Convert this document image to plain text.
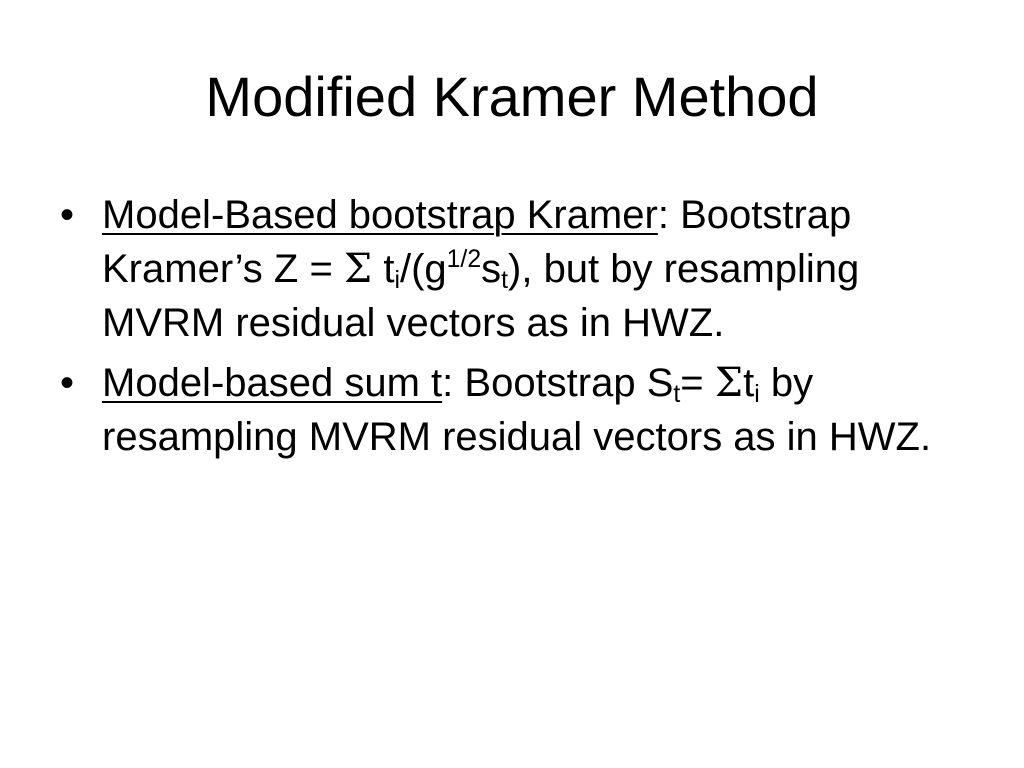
Modified Kramer Method
• Model-Based bootstrap Kramer: Bootstrap Kramer’s Z = Σ $t_i/(g^{1/2}s_t)$, but by resampling MVRM residual vectors as in HWZ.
• Model-based sum t: Bootstrap $S_t= \Sigma t_i$ by resampling MVRM residual vectors as in HWZ.
